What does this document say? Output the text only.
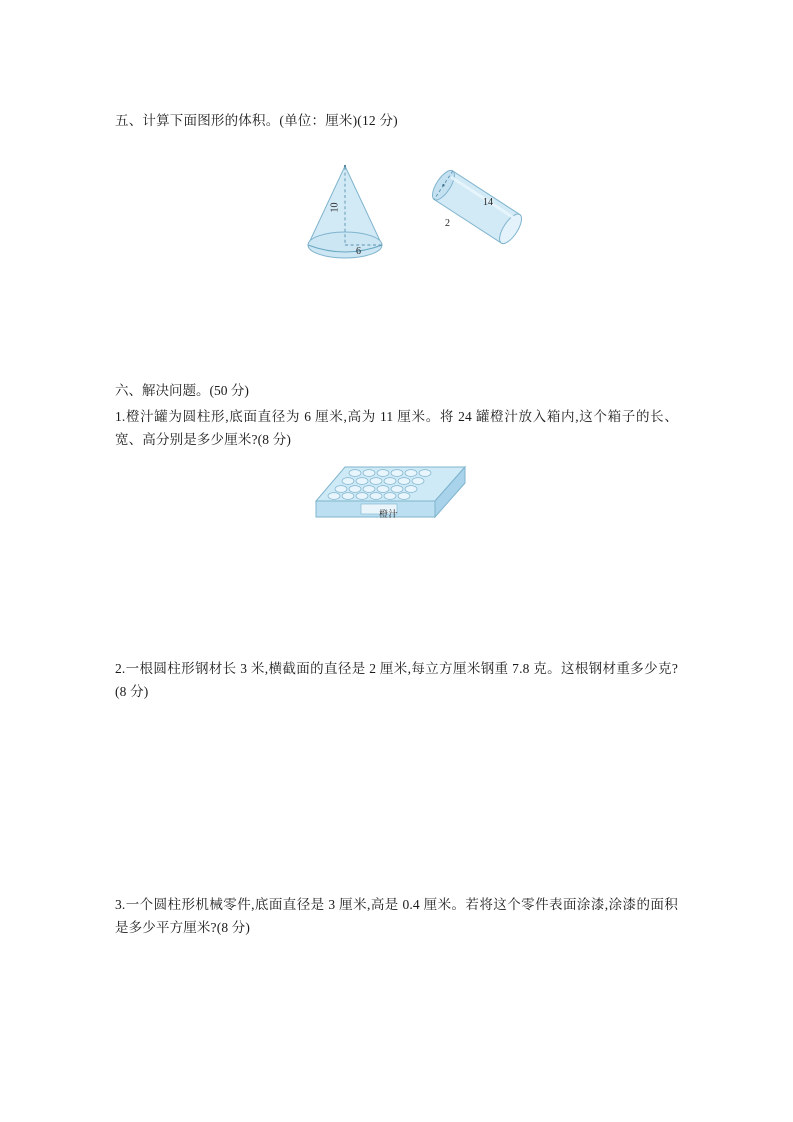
五、计算下面图形的体积。(单位：厘米)(12 分)

10
6
2
14

六、解决问题。(50 分)

1.橙汁罐为圆柱形,底面直径为 6 厘米,高为 11 厘米。将 24 罐橙汁放入箱内,这个箱子的长、宽、高分别是多少厘米?(8 分)

橙汁

2.一根圆柱形钢材长 3 米,横截面的直径是 2 厘米,每立方厘米钢重 7.8 克。这根钢材重多少克?(8 分)

3.一个圆柱形机械零件,底面直径是 3 厘米,高是 0.4 厘米。若将这个零件表面涂漆,涂漆的面积是多少平方厘米?(8 分)
